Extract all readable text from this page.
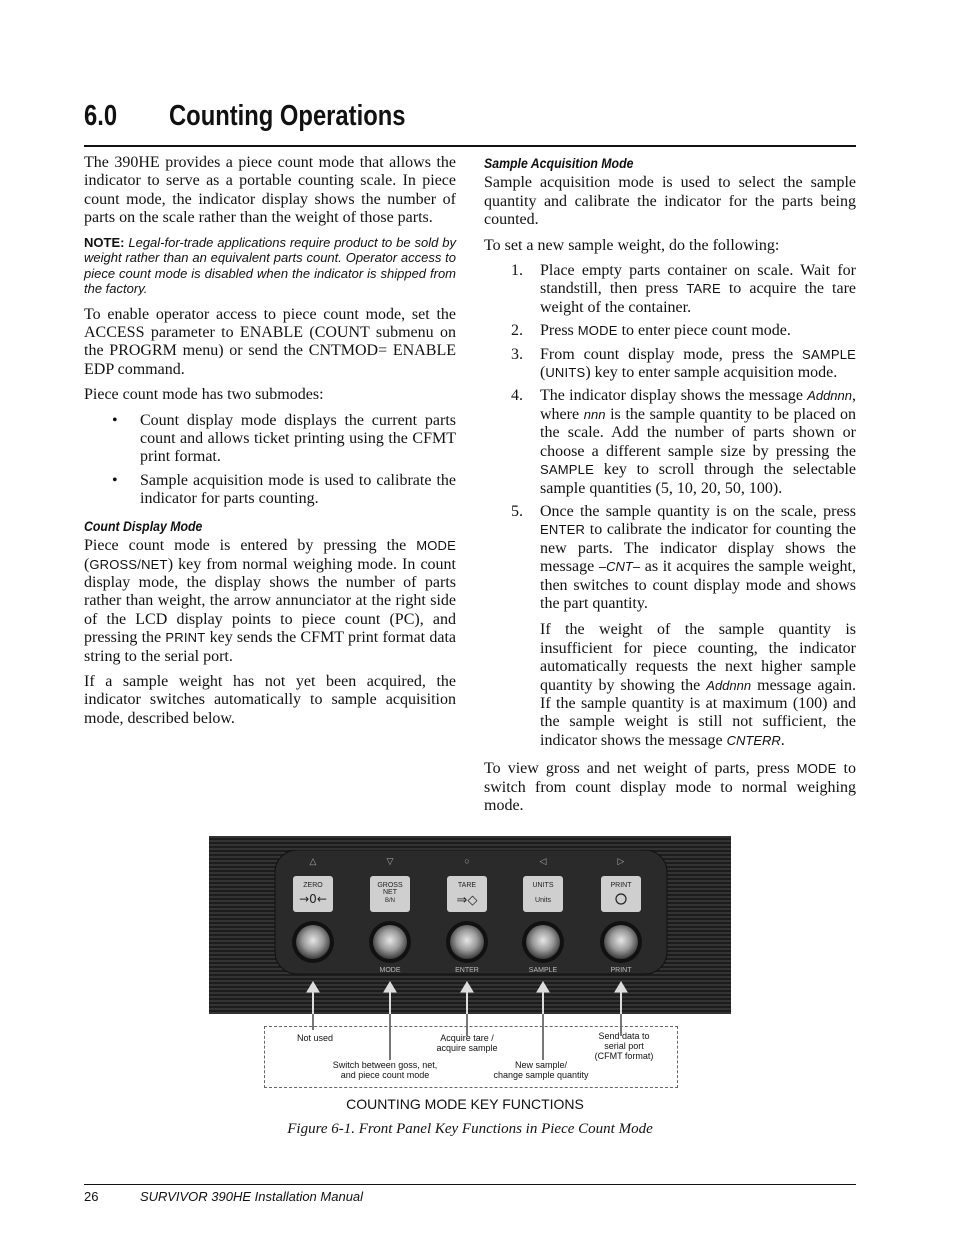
6.0 Counting Operations

The 390HE provides a piece count mode that allows the indicator to serve as a portable counting scale. In piece count mode, the indicator display shows the number of parts on the scale rather than the weight of those parts.

NOTE: Legal-for-trade applications require product to be sold by weight rather than an equivalent parts count. Operator access to piece count mode is disabled when the indicator is shipped from the factory.

To enable operator access to piece count mode, set the ACCESS parameter to ENABLE (COUNT submenu on the PROGRM menu) or send the CNTMOD= ENABLE EDP command.

Piece count mode has two submodes:

• Count display mode displays the current parts count and allows ticket printing using the CFMT print format.
• Sample acquisition mode is used to calibrate the indicator for parts counting.
Count Display Mode

Piece count mode is entered by pressing the MODE (GROSS/NET) key from normal weighing mode. In count display mode, the display shows the number of parts rather than weight, the arrow annunciator at the right side of the LCD display points to piece count (PC), and pressing the PRINT key sends the CFMT print format data string to the serial port.

If a sample weight has not yet been acquired, the indicator switches automatically to sample acquisition mode, described below.

Sample Acquisition Mode

Sample acquisition mode is used to select the sample quantity and calibrate the indicator for the parts being counted.

To set a new sample weight, do the following:

1. Place empty parts container on scale. Wait for standstill, then press TARE to acquire the tare weight of the container.
2. Press MODE to enter piece count mode.
3. From count display mode, press the SAMPLE (UNITS) key to enter sample acquisition mode.
4. The indicator display shows the message Addnnn, where nnn is the sample quantity to be placed on the scale. Add the number of parts shown or choose a different sample size by pressing the SAMPLE key to scroll through the selectable sample quantities (5, 10, 20, 50, 100).
5. Once the sample quantity is on the scale, press ENTER to calibrate the indicator for counting the new parts. The indicator display shows the message –CNT– as it acquires the sample weight, then switches to count display mode and shows the part quantity.
If the weight of the sample quantity is insufficient for piece counting, the indicator automatically requests the next higher sample quantity by showing the Addnnn message again. If the sample quantity is at maximum (100) and the sample weight is still not sufficient, the indicator shows the message CNTERR.

To view gross and net weight of parts, press MODE to switch from count display mode to normal weighing mode.

△
ZERO
→0←
▽
GROSS
NET
B/N
MODE
○
TARE
⇒◇
ENTER
◁
UNITS
Units
SAMPLE
▷
PRINT
PRINT
Not used	Acquire tare /
acquire sample
Send data to
serial port
(CFMT format)
Switch between goss, net,
and piece count mode
New sample/
change sample quantity
COUNTING MODE KEY FUNCTIONS
Figure 6-1. Front Panel Key Functions in Piece Count Mode
26	SURVIVOR 390HE Installation Manual
